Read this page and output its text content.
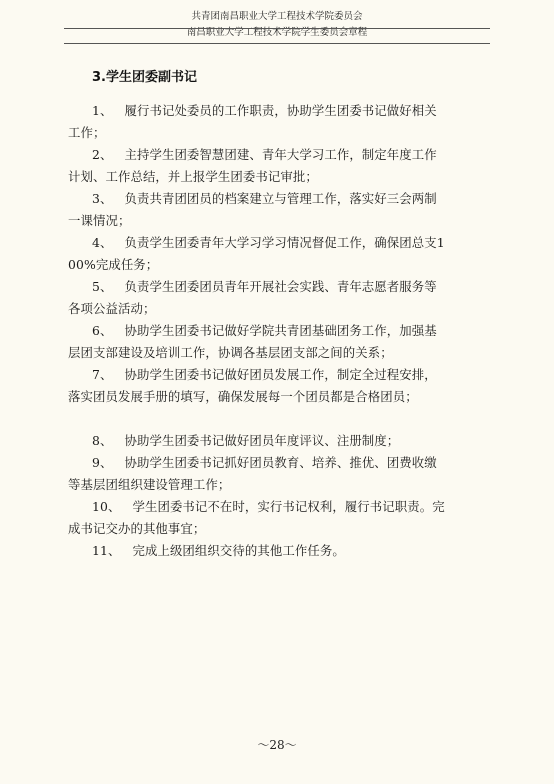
共青团南昌职业大学工程技术学院委员会
南昌职业大学工程技术学院学生委员会章程
3.学生团委副书记

1、 履行书记处委员的工作职责，协助学生团委书记做好相关工作；

2、 主持学生团委智慧团建、青年大学习工作，制定年度工作计划、工作总结，并上报学生团委书记审批；

3、 负责共青团团员的档案建立与管理工作，落实好三会两制一课情况；

4、 负责学生团委青年大学习学习情况督促工作，确保团总支100%完成任务；

5、 负责学生团委团员青年开展社会实践、青年志愿者服务等各项公益活动；

6、 协助学生团委书记做好学院共青团基础团务工作，加强基层团支部建设及培训工作，协调各基层团支部之间的关系；

7、 协助学生团委书记做好团员发展工作，制定全过程安排，落实团员发展手册的填写，确保发展每一个团员都是合格团员；

8、 协助学生团委书记做好团员年度评议、注册制度；

9、 协助学生团委书记抓好团员教育、培养、推优、团费收缴等基层团组织建设管理工作；

10、 学生团委书记不在时，实行书记权利，履行书记职责。完成书记交办的其他事宜；

11、 完成上级团组织交待的其他工作任务。

～28～
